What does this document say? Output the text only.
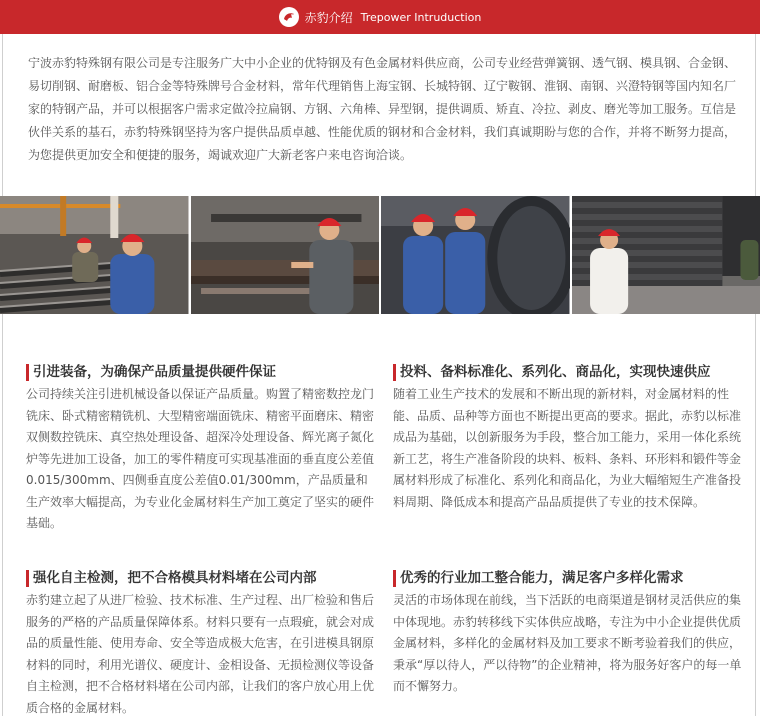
赤豹介绍 Trepower Intruduction

宁波赤豹特殊钢有限公司是专注服务广大中小企业的优特钢及有色金属材料供应商，公司专业经营弹簧钢、透气钢、模具钢、合金钢、易切削钢、耐磨板、铝合金等特殊牌号合金材料，常年代理销售上海宝钢、长城特钢、辽宁鞍钢、淮钢、南钢、兴澄特钢等国内知名厂家的特钢产品，并可以根据客户需求定做冷拉扁钢、方钢、六角棒、异型钢，提供调质、矫直、冷拉、剥皮、磨光等加工服务。互信是伙伴关系的基石，赤豹特殊钢坚持为客户提供品质卓越、性能优质的钢材和合金材料，我们真诚期盼与您的合作，并将不断努力提高，为您提供更加安全和便捷的服务，竭诚欢迎广大新老客户来电咨询洽谈。

引进装备，为确保产品质量提供硬件保证

公司持续关注引进机械设备以保证产品质量。购置了精密数控龙门铣床、卧式精密精铣机、大型精密端面铣床、精密平面磨床、精密双侧数控铣床、真空热处理设备、超深冷处理设备、辉光离子氮化炉等先进加工设备，加工的零件精度可实现基准面的垂直度公差值0.015/300mm、四侧垂直度公差值0.01/300mm，产品质量和生产效率大幅提高，为专业化金属材料生产加工奠定了坚实的硬件基础。

投料、备料标准化、系列化、商品化，实现快速供应

随着工业生产技术的发展和不断出现的新材料，对金属材料的性能、品质、品种等方面也不断提出更高的要求。据此，赤豹以标准成品为基础，以创新服务为手段，整合加工能力，采用一体化系统新工艺，将生产准备阶段的块料、板料、条料、环形料和锻件等金属材料形成了标准化、系列化和商品化，为业大幅缩短生产准备投料周期、降低成本和提高产品品质提供了专业的技术保障。

强化自主检测，把不合格模具材料堵在公司内部

赤豹建立起了从进厂检验、技术标准、生产过程、出厂检验和售后服务的严格的产品质量保障体系。材料只要有一点瑕疵，就会对成品的质量性能、使用寿命、安全等造成极大危害，在引进模具钢原材料的同时，利用光谱仪、硬度计、金相设备、无损检测仪等设备自主检测，把不合格材料堵在公司内部，让我们的客户放心用上优质合格的金属材料。

优秀的行业加工整合能力，满足客户多样化需求

灵活的市场体现在前线，当下活跃的电商渠道是钢材灵活供应的集中体现地。赤豹转移线下实体供应战略，专注为中小企业提供优质金属材料，多样化的金属材料及加工要求不断考验着我们的供应，秉承“厚以待人，严以待物”的企业精神，将为服务好客户的每一单而不懈努力。
